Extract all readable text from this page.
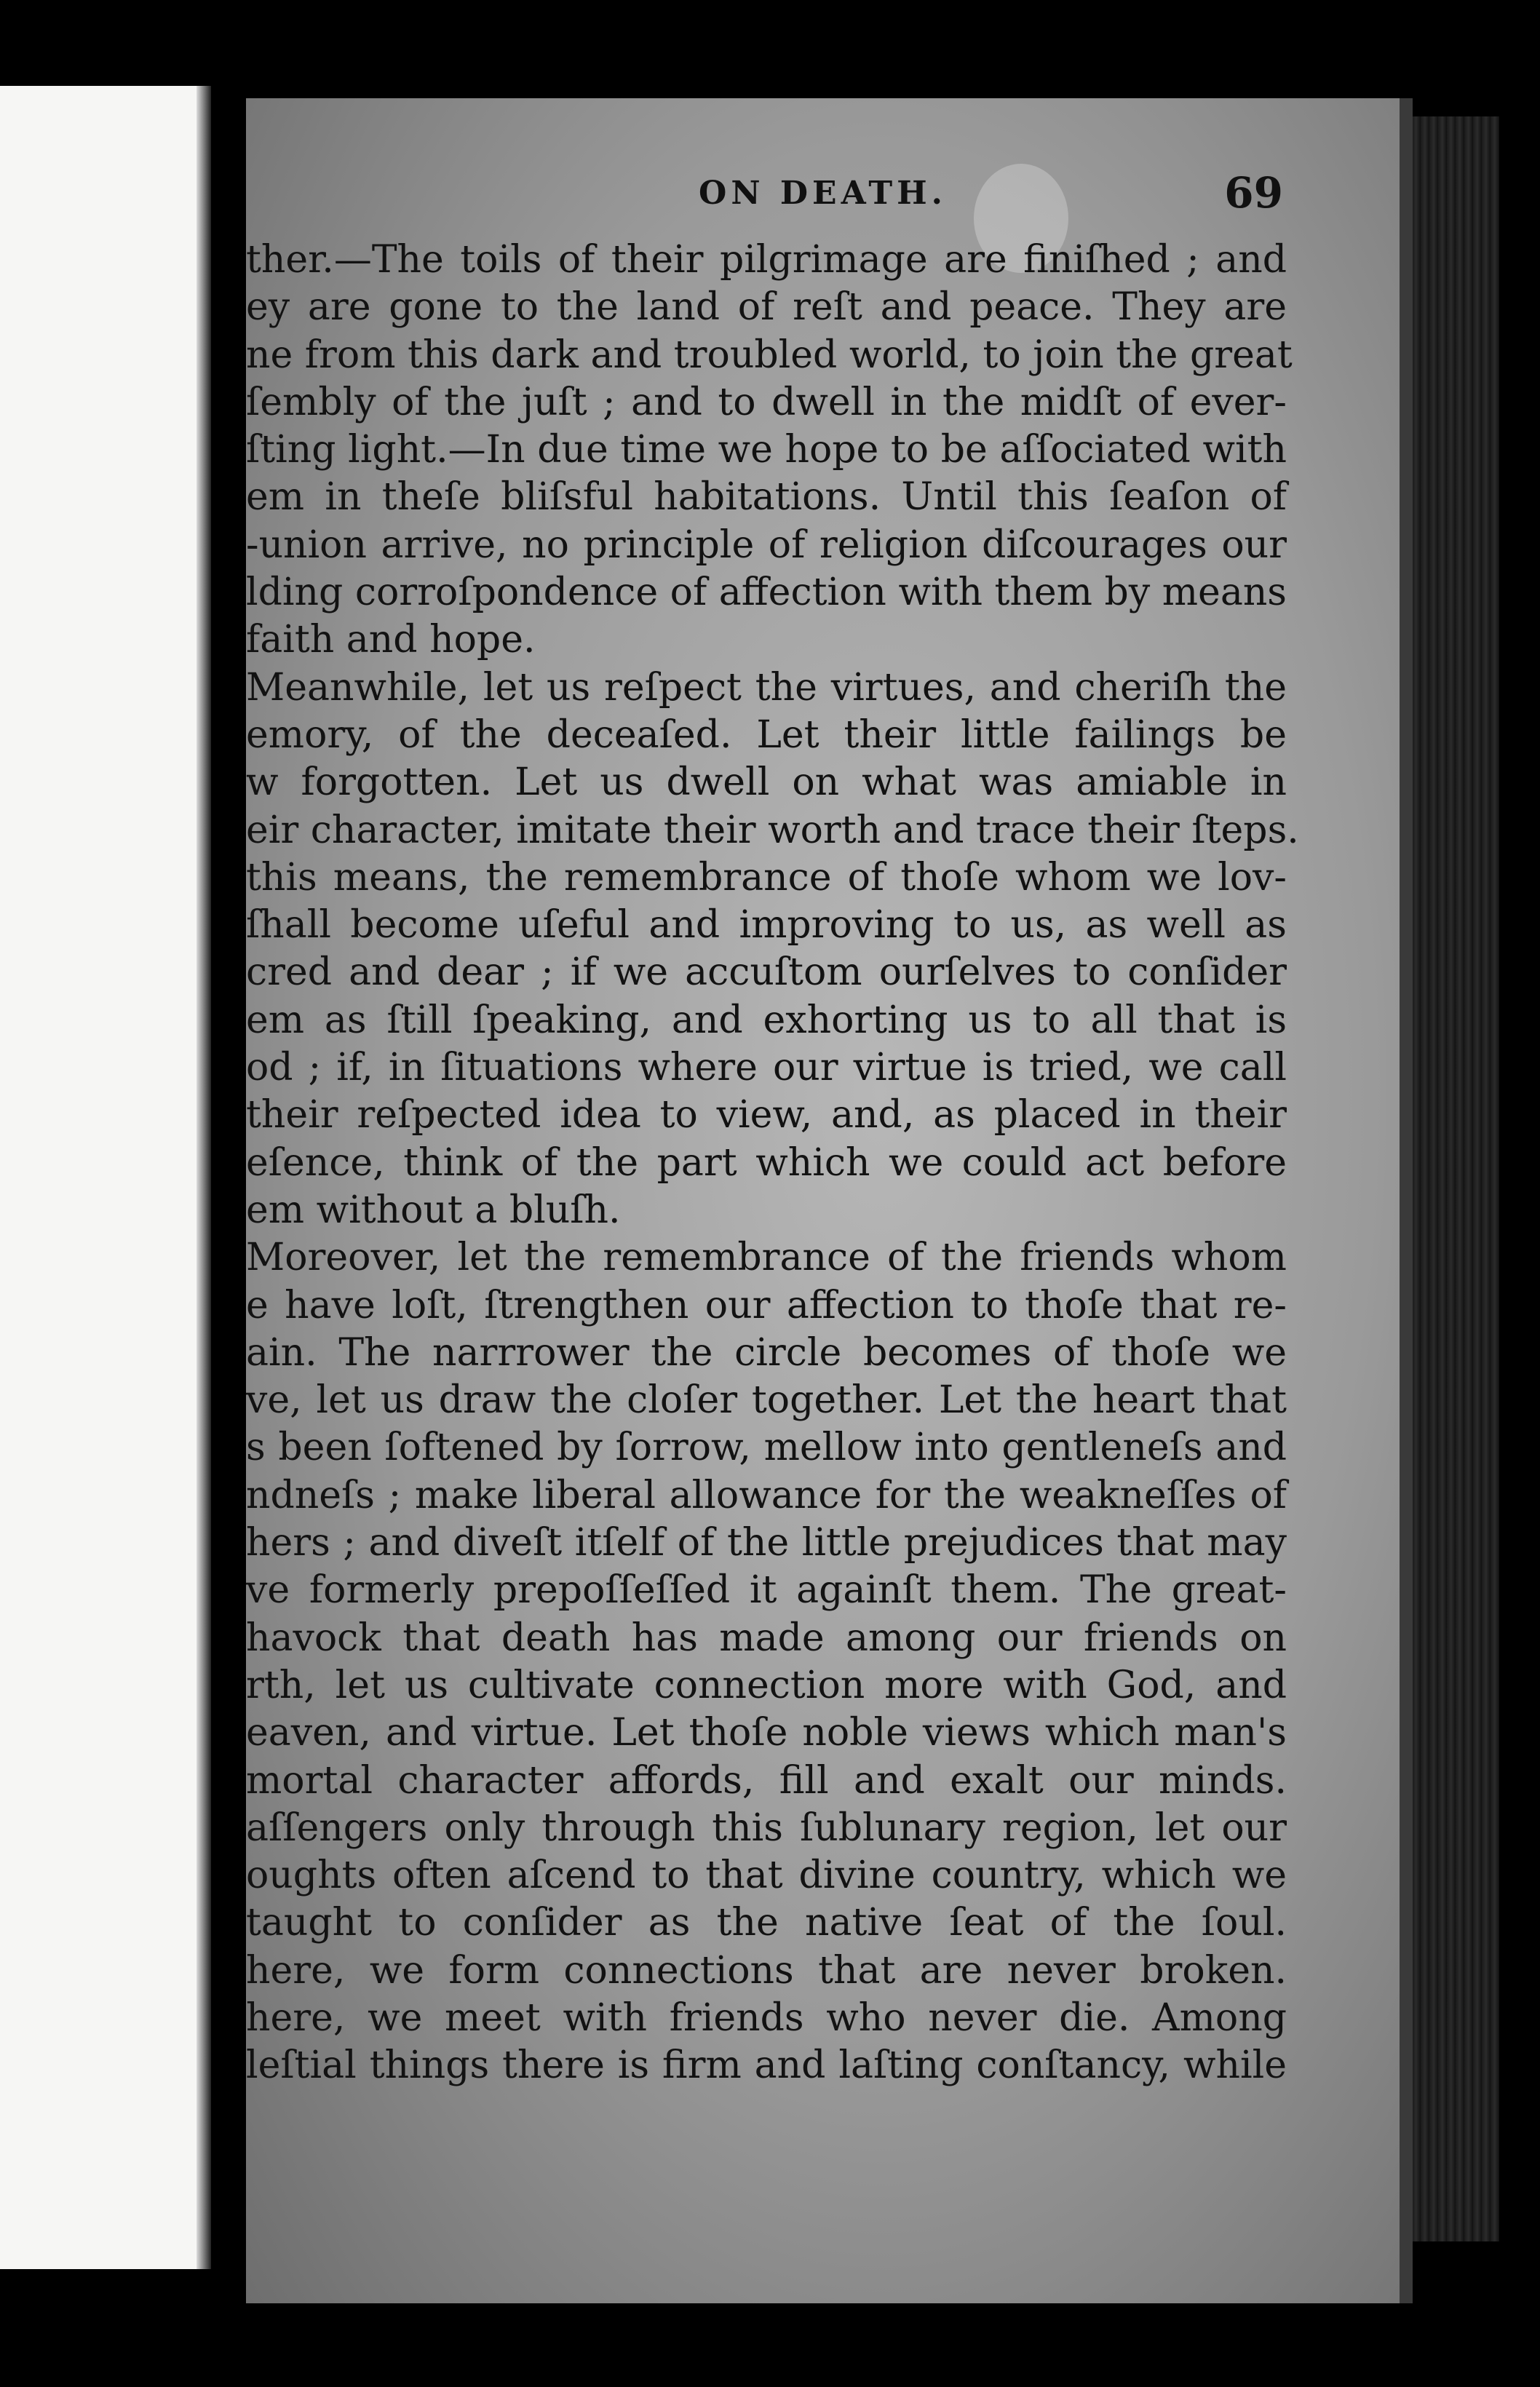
ON DEATH.	69
ther.—The toils of their pilgrimage are finiſhed ; and
ey are gone to the land of reſt and peace. They are
ne from this dark and troubled world, to join the great
ſembly of the juſt ; and to dwell in the midſt of ever-
ſting light.—In due time we hope to be aſſociated with
em in theſe bliſsful habitations. Until this ſeaſon of
-union arrive, no principle of religion diſcourages our
lding corroſpondence of affection with them by means
faith and hope.
Meanwhile, let us reſpect the virtues, and cheriſh the
emory, of the deceaſed. Let their little failings be
w forgotten. Let us dwell on what was amiable in
eir character, imitate their worth and trace their ſteps.
this means, the remembrance of thoſe whom we lov-
ſhall become uſeful and improving to us, as well as
cred and dear ; if we accuſtom ourſelves to conſider
em as ſtill ſpeaking, and exhorting us to all that is
od ; if, in ſituations where our virtue is tried, we call
their reſpected idea to view, and, as placed in their
eſence, think of the part which we could act before
em without a bluſh.
Moreover, let the remembrance of the friends whom
e have loſt, ſtrengthen our affection to thoſe that re-
ain. The narrrower the circle becomes of thoſe we
ve, let us draw the cloſer together. Let the heart that
s been ſoftened by ſorrow, mellow into gentleneſs and
ndneſs ; make liberal allowance for the weakneſſes of
hers ; and diveſt itſelf of the little prejudices that may
ve formerly prepoſſeſſed it againſt them. The great-
havock that death has made among our friends on
rth, let us cultivate connection more with God, and
eaven, and virtue. Let thoſe noble views which man's
mortal character affords, fill and exalt our minds.
aſſengers only through this ſublunary region, let our
oughts often aſcend to that divine country, which we
taught to conſider as the native ſeat of the ſoul.
here, we form connections that are never broken.
here, we meet with friends who never die. Among
leſtial things there is firm and laſting conſtancy, while
